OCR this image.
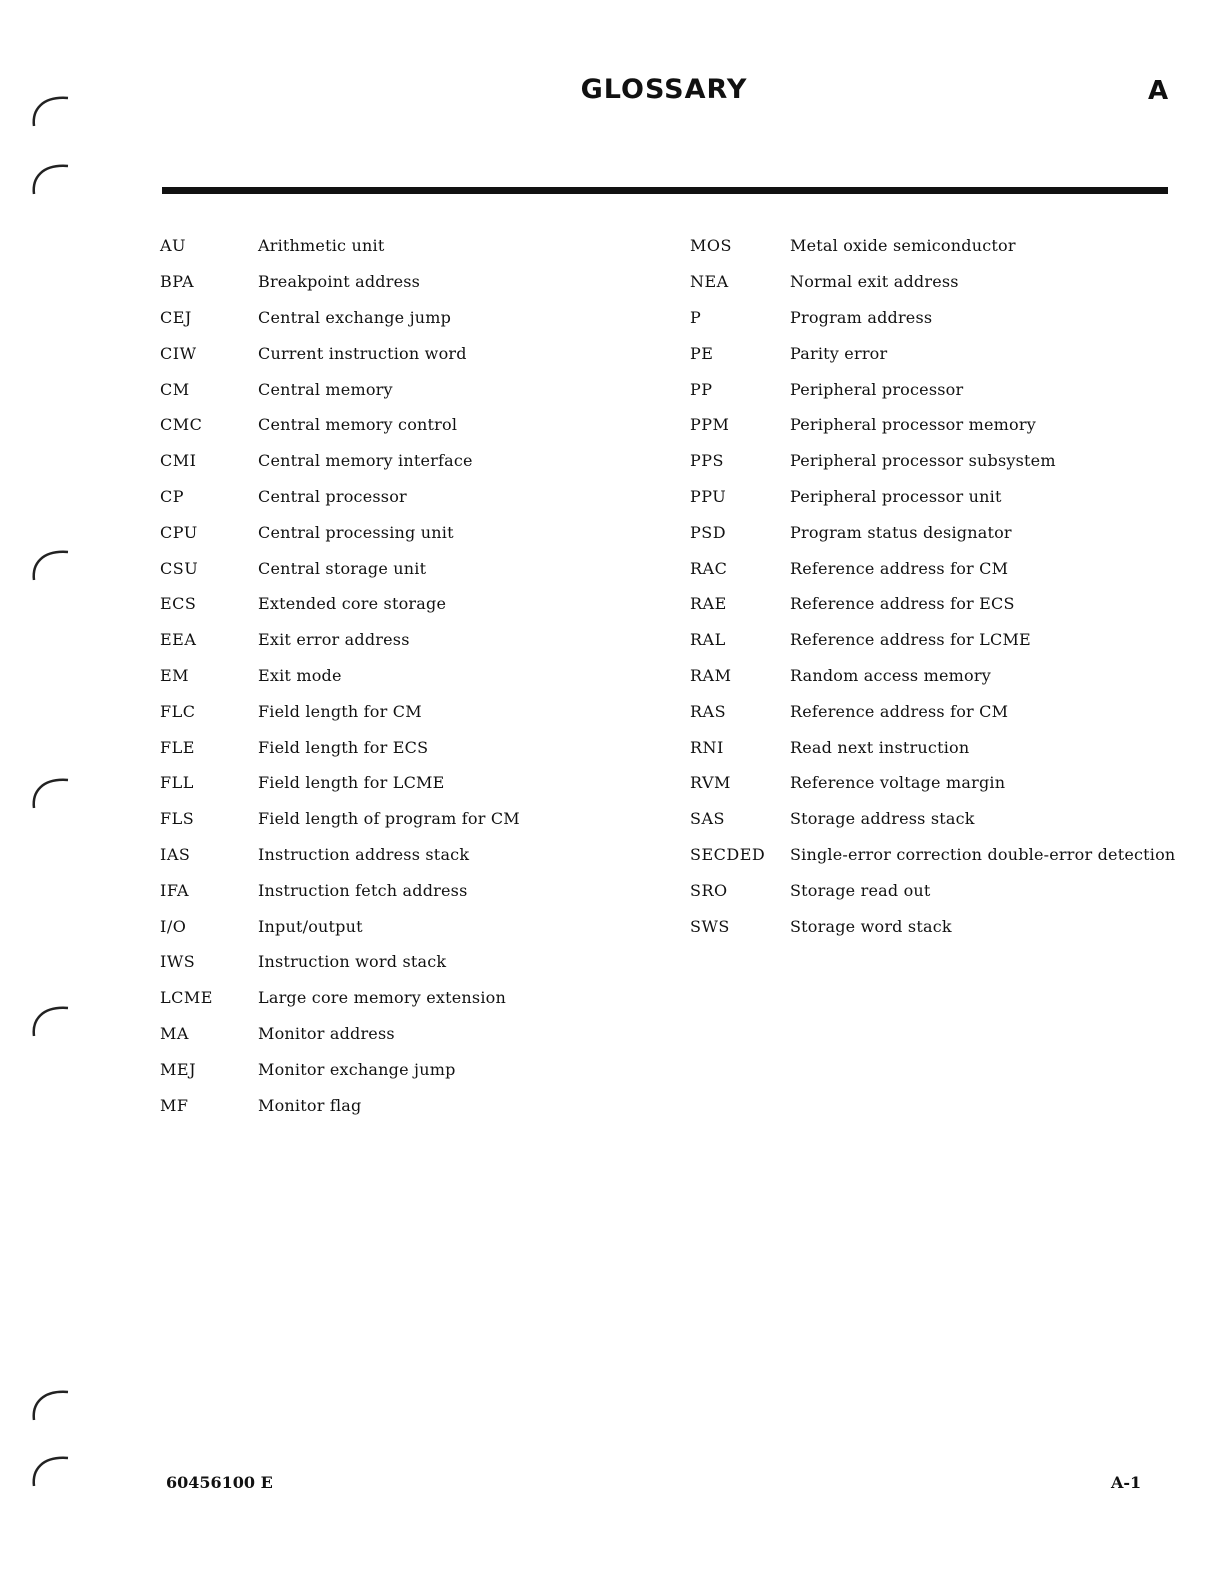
GLOSSARY	A
AU	Arithmetic unit
BPA	Breakpoint address
CEJ	Central exchange jump
CIW	Current instruction word
CM	Central memory
CMC	Central memory control
CMI	Central memory interface
CP	Central processor
CPU	Central processing unit
CSU	Central storage unit
ECS	Extended core storage
EEA	Exit error address
EM	Exit mode
FLC	Field length for CM
FLE	Field length for ECS
FLL	Field length for LCME
FLS	Field length of program for CM
IAS	Instruction address stack
IFA	Instruction fetch address
I/O	Input/output
IWS	Instruction word stack
LCME	Large core memory extension
MA	Monitor address
MEJ	Monitor exchange jump
MF	Monitor flag
MOS	Metal oxide semiconductor
NEA	Normal exit address
P	Program address
PE	Parity error
PP	Peripheral processor
PPM	Peripheral processor memory
PPS	Peripheral processor subsystem
PPU	Peripheral processor unit
PSD	Program status designator
RAC	Reference address for CM
RAE	Reference address for ECS
RAL	Reference address for LCME
RAM	Random access memory
RAS	Reference address for CM
RNI	Read next instruction
RVM	Reference voltage margin
SAS	Storage address stack
SECDED	Single-error correction double-error detection
SRO	Storage read out
SWS	Storage word stack
60456100 E	A-1
